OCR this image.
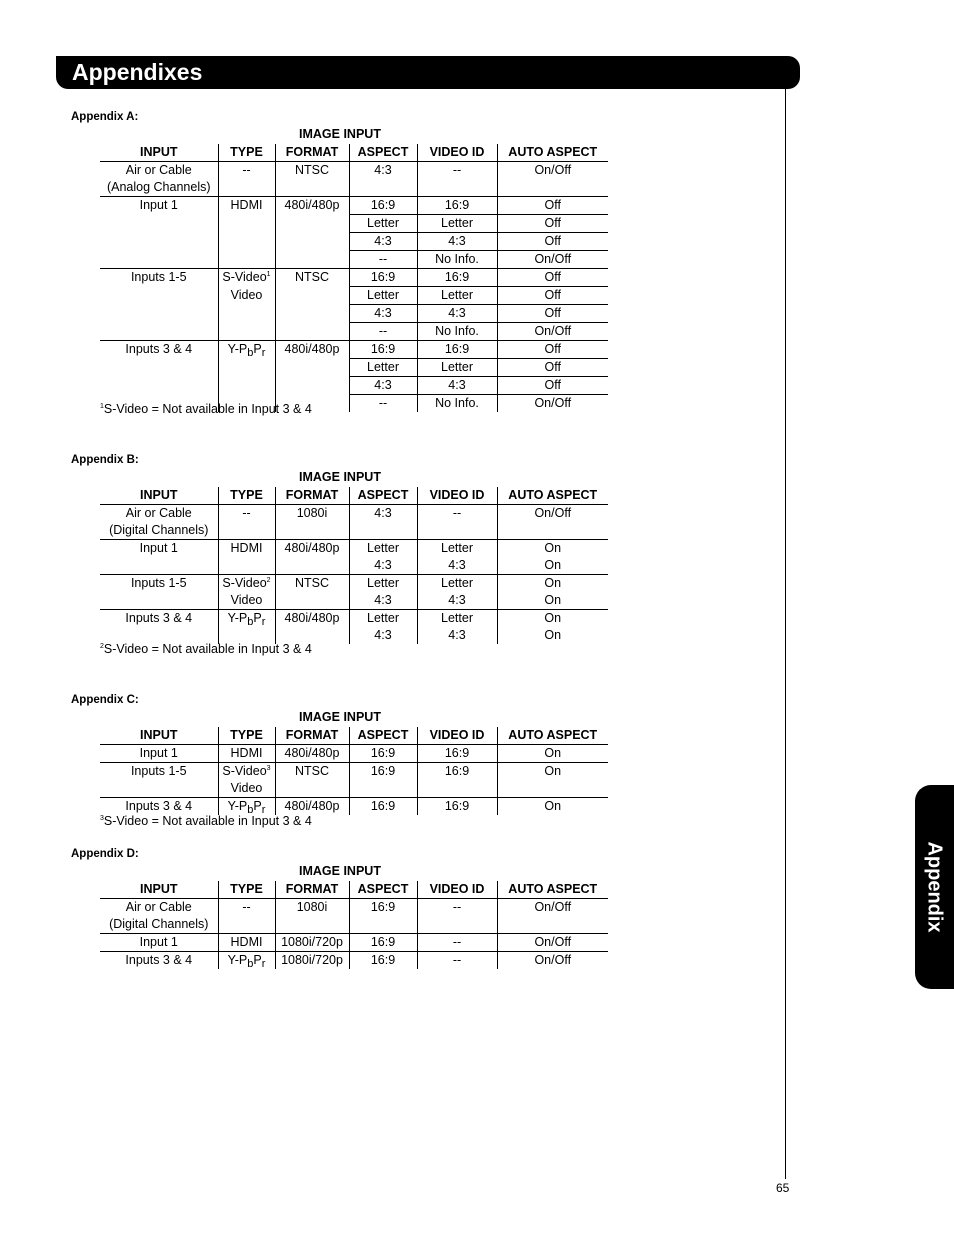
Appendixes
Appendix
65
Appendix A:
IMAGE INPUT
INPUT	TYPE	FORMAT	ASPECT	VIDEO ID	AUTO ASPECT
Air or Cable	--	NTSC	4:3	--	On/Off
(Analog Channels)					
Input 1	HDMI	480i/480p	16:9	16:9	Off
			Letter	Letter	Off
			4:3	4:3	Off
			--	No Info.	On/Off
Inputs 1-5	S-Video$^1$	NTSC	16:9	16:9	Off
	Video		Letter	Letter	Off
			4:3	4:3	Off
			--	No Info.	On/Off
Inputs 3 & 4	$Y-P_bP_r$	480i/480p	16:9	16:9	Off
			Letter	Letter	Off
			4:3	4:3	Off
			--	No Info.	On/Off
$^1$S-Video = Not available in Input 3 & 4
Appendix B:
IMAGE INPUT
INPUT	TYPE	FORMAT	ASPECT	VIDEO ID	AUTO ASPECT
Air or Cable	--	1080i	4:3	--	On/Off
(Digital Channels)					
Input 1	HDMI	480i/480p	Letter	Letter	On
			4:3	4:3	On
Inputs 1-5	S-Video$^2$	NTSC	Letter	Letter	On
	Video		4:3	4:3	On
Inputs 3 & 4	$Y-P_bP_r$	480i/480p	Letter	Letter	On
			4:3	4:3	On
$^2$S-Video = Not available in Input 3 & 4
Appendix C:
IMAGE INPUT
INPUT	TYPE	FORMAT	ASPECT	VIDEO ID	AUTO ASPECT
Input 1	HDMI	480i/480p	16:9	16:9	On
Inputs 1-5	S-Video$^3$	NTSC	16:9	16:9	On
	Video				
Inputs 3 & 4	$Y-P_bP_r$	480i/480p	16:9	16:9	On
$^3$S-Video = Not available in Input 3 & 4
Appendix D:
IMAGE INPUT
INPUT	TYPE	FORMAT	ASPECT	VIDEO ID	AUTO ASPECT
Air or Cable	--	1080i	16:9	--	On/Off
(Digital Channels)					
Input 1	HDMI	1080i/720p	16:9	--	On/Off
Inputs 3 & 4	$Y-P_bP_r$	1080i/720p	16:9	--	On/Off
